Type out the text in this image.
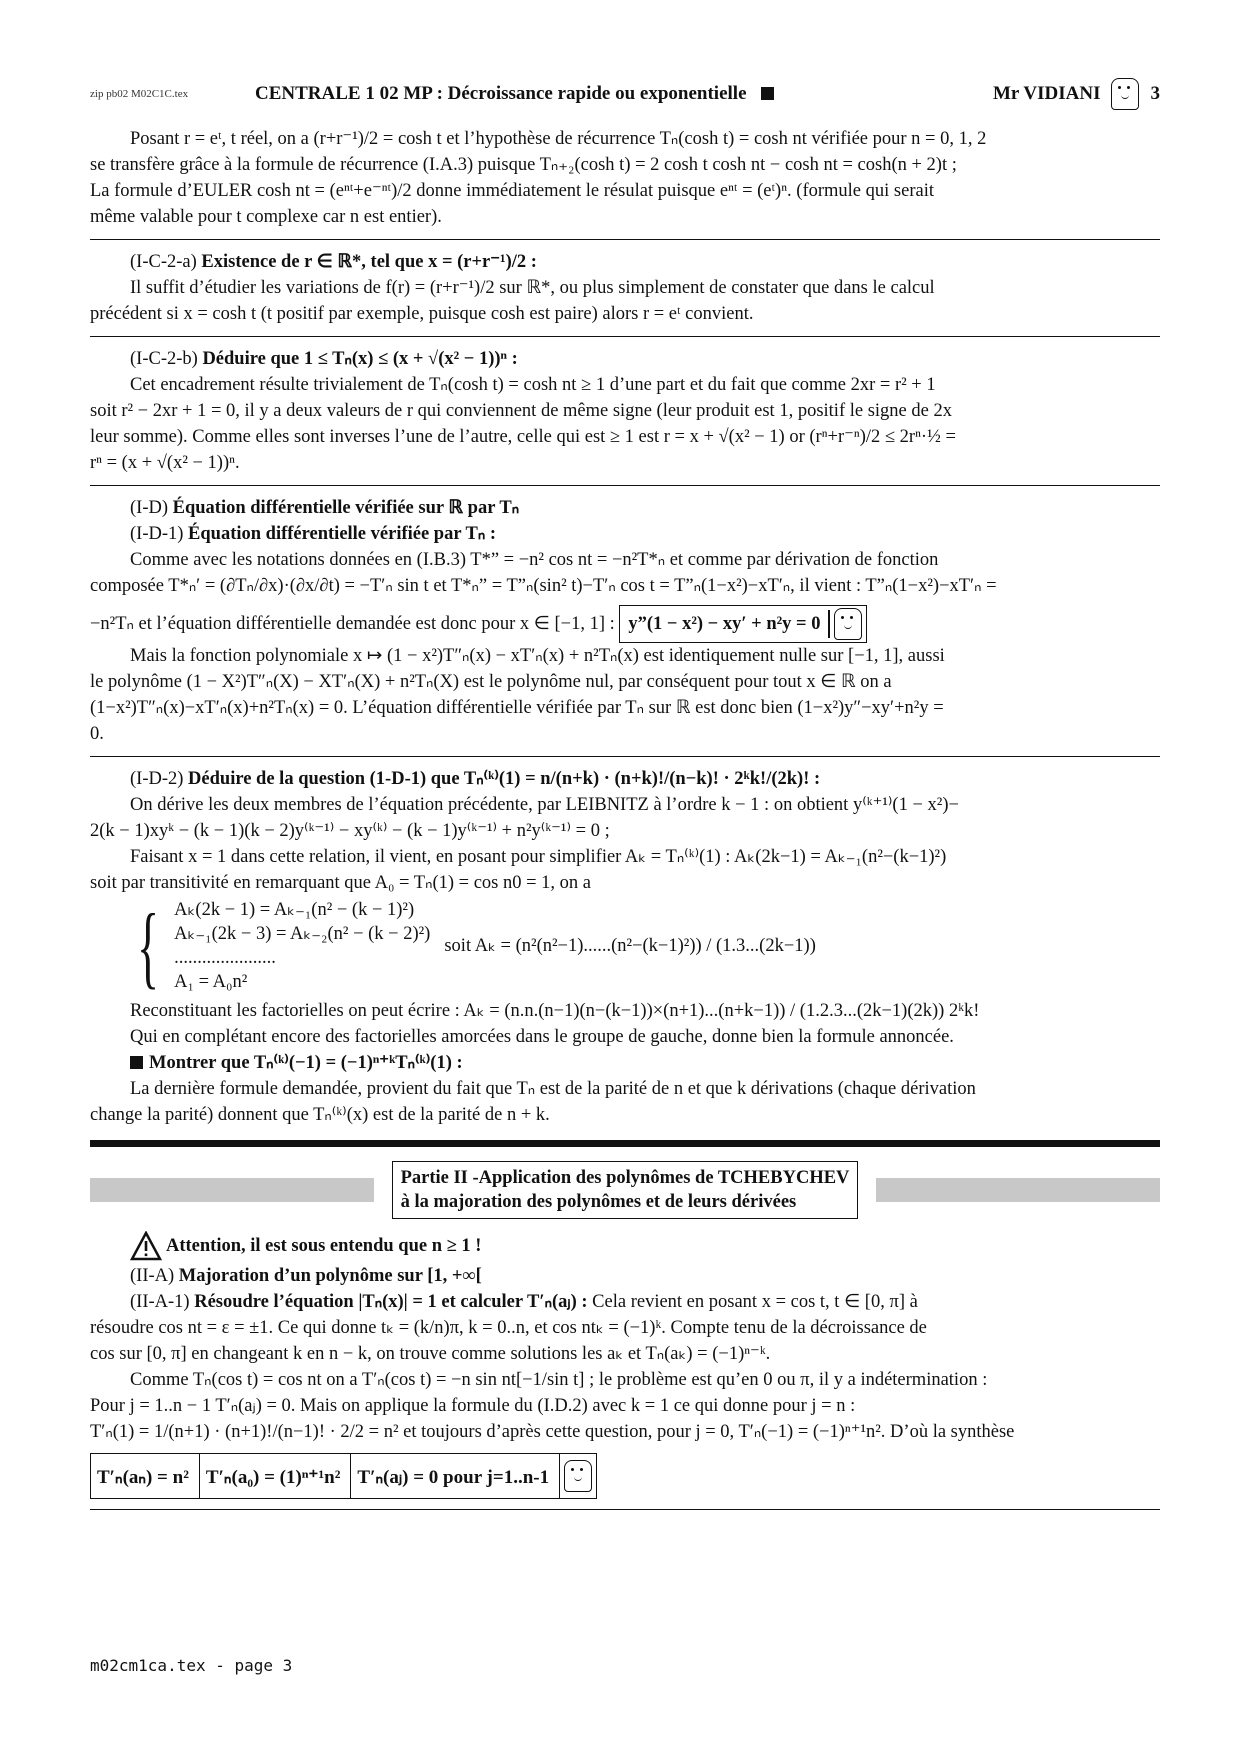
zip pb02 M02C1C.tex	CENTRALE 1 02 MP : Décroissance rapide ou exponentielle	Mr VIDIANI	3

Posant r = eᵗ, t réel, on a (r+r⁻¹)/2 = cosh t et l’hypothèse de récurrence Tₙ(cosh t) = cosh nt vérifiée pour n = 0, 1, 2

se transfère grâce à la formule de récurrence (I.A.3) puisque Tₙ₊₂(cosh t) = 2 cosh t cosh nt − cosh nt = cosh(n + 2)t ;

La formule d’EULER cosh nt = (eⁿᵗ+e⁻ⁿᵗ)/2 donne immédiatement le résulat puisque eⁿᵗ = (eᵗ)ⁿ. (formule qui serait

même valable pour t complexe car n est entier).

(I-C-2-a) Existence de r ∈ ℝ*, tel que x = (r+r⁻¹)/2 :

Il suffit d’étudier les variations de f(r) = (r+r⁻¹)/2 sur ℝ*, ou plus simplement de constater que dans le calcul

précédent si x = cosh t (t positif par exemple, puisque cosh est paire) alors r = eᵗ convient.

(I-C-2-b) Déduire que 1 ≤ Tₙ(x) ≤ (x + √(x² − 1))ⁿ :

Cet encadrement résulte trivialement de Tₙ(cosh t) = cosh nt ≥ 1 d’une part et du fait que comme 2xr = r² + 1

soit r² − 2xr + 1 = 0, il y a deux valeurs de r qui conviennent de même signe (leur produit est 1, positif le signe de 2x

leur somme). Comme elles sont inverses l’une de l’autre, celle qui est ≥ 1 est r = x + √(x² − 1) or (rⁿ+r⁻ⁿ)/2 ≤ 2rⁿ·½ =

rⁿ = (x + √(x² − 1))ⁿ.

(I-D) Équation différentielle vérifiée sur ℝ par Tₙ

(I-D-1) Équation différentielle vérifiée par Tₙ :

Comme avec les notations données en (I.B.3) T*” = −n² cos nt = −n²T*ₙ et comme par dérivation de fonction

composée T*ₙ′ = (∂Tₙ/∂x)·(∂x/∂t) = −T′ₙ sin t et T*ₙ” = T”ₙ(sin² t)−T′ₙ cos t = T”ₙ(1−x²)−xT′ₙ, il vient : T”ₙ(1−x²)−xT′ₙ =

−n²Tₙ et l’équation différentielle demandée est donc pour x ∈ [−1, 1] : y”(1 − x²) − xy′ + n²y = 0

Mais la fonction polynomiale x ↦ (1 − x²)T″ₙ(x) − xT′ₙ(x) + n²Tₙ(x) est identiquement nulle sur [−1, 1], aussi

le polynôme (1 − X²)T″ₙ(X) − XT′ₙ(X) + n²Tₙ(X) est le polynôme nul, par conséquent pour tout x ∈ ℝ on a

(1−x²)T″ₙ(x)−xT′ₙ(x)+n²Tₙ(x) = 0. L’équation différentielle vérifiée par Tₙ sur ℝ est donc bien (1−x²)y″−xy′+n²y =

0.

(I-D-2) Déduire de la question (1-D-1) que Tₙ⁽ᵏ⁾(1) = n/(n+k) · (n+k)!/(n−k)! · 2ᵏk!/(2k)! :

On dérive les deux membres de l’équation précédente, par LEIBNITZ à l’ordre k − 1 : on obtient y⁽ᵏ⁺¹⁾(1 − x²)−

2(k − 1)xyᵏ − (k − 1)(k − 2)y⁽ᵏ⁻¹⁾ − xy⁽ᵏ⁾ − (k − 1)y⁽ᵏ⁻¹⁾ + n²y⁽ᵏ⁻¹⁾ = 0 ;

Faisant x = 1 dans cette relation, il vient, en posant pour simplifier Aₖ = Tₙ⁽ᵏ⁾(1) : Aₖ(2k−1) = Aₖ₋₁(n²−(k−1)²)

soit par transitivité en remarquant que A₀ = Tₙ(1) = cos n0 = 1, on a

{ Aₖ(2k − 1) = Aₖ₋₁(n² − (k − 1)²)
Aₖ₋₁(2k − 3) = Aₖ₋₂(n² − (k − 2)²)
......................
A₁ = A₀n²
soit Aₖ = (n²(n²−1)......(n²−(k−1)²)) / (1.3...(2k−1))

Reconstituant les factorielles on peut écrire : Aₖ = (n.n.(n−1)(n−(k−1))×(n+1)...(n+k−1)) / (1.2.3...(2k−1)(2k)) 2ᵏk!

Qui en complétant encore des factorielles amorcées dans le groupe de gauche, donne bien la formule annoncée.

Montrer que Tₙ⁽ᵏ⁾(−1) = (−1)ⁿ⁺ᵏTₙ⁽ᵏ⁾(1) :

La dernière formule demandée, provient du fait que Tₙ est de la parité de n et que k dérivations (chaque dérivation

change la parité) donnent que Tₙ⁽ᵏ⁾(x) est de la parité de n + k.

Partie II -Application des polynômes de TCHEBYCHEV
à la majoration des polynômes et de leurs dérivées
Attention, il est sous entendu que n ≥ 1 !

(II-A) Majoration d’un polynôme sur [1, +∞[

(II-A-1) Résoudre l’équation |Tₙ(x)| = 1 et calculer T′ₙ(aⱼ) : Cela revient en posant x = cos t, t ∈ [0, π] à

résoudre cos nt = ε = ±1. Ce qui donne tₖ = (k/n)π, k = 0..n, et cos ntₖ = (−1)ᵏ. Compte tenu de la décroissance de

cos sur [0, π] en changeant k en n − k, on trouve comme solutions les aₖ et Tₙ(aₖ) = (−1)ⁿ⁻ᵏ.

Comme Tₙ(cos t) = cos nt on a T′ₙ(cos t) = −n sin nt[−1/sin t] ; le problème est qu’en 0 ou π, il y a indétermination :

Pour j = 1..n − 1 T′ₙ(aⱼ) = 0. Mais on applique la formule du (I.D.2) avec k = 1 ce qui donne pour j = n :

T′ₙ(1) = 1/(n+1) · (n+1)!/(n−1)! · 2/2 = n² et toujours d’après cette question, pour j = 0, T′ₙ(−1) = (−1)ⁿ⁺¹n². D’où la synthèse

T′ₙ(aₙ) = n² T′ₙ(a₀) = (1)ⁿ⁺¹n² T′ₙ(aⱼ) = 0 pour j=1..n-1
m02cm1ca.tex - page 3
